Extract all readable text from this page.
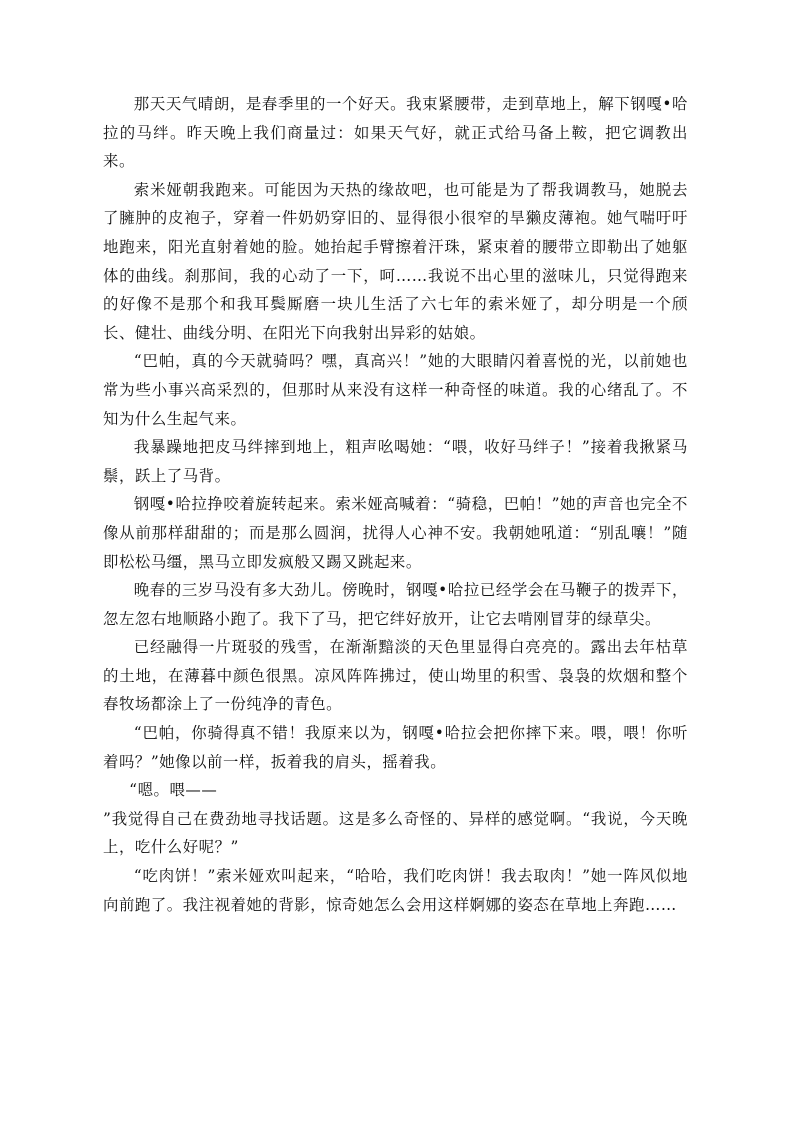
那天天气晴朗，是春季里的一个好天。我束紧腰带，走到草地上，解下钢嘎•哈拉的马绊。昨天晚上我们商量过：如果天气好，就正式给马备上鞍，把它调教出来。

索米娅朝我跑来。可能因为天热的缘故吧，也可能是为了帮我调教马，她脱去了臃肿的皮袍子，穿着一件奶奶穿旧的、显得很小很窄的旱獭皮薄袍。她气喘吁吁地跑来，阳光直射着她的脸。她抬起手臂擦着汗珠，紧束着的腰带立即勒出了她躯体的曲线。刹那间，我的心动了一下，呵……我说不出心里的滋味儿，只觉得跑来的好像不是那个和我耳鬓厮磨一块儿生活了六七年的索米娅了，却分明是一个颀长、健壮、曲线分明、在阳光下向我射出异彩的姑娘。

“巴帕，真的今天就骑吗？嘿，真高兴！”她的大眼睛闪着喜悦的光，以前她也常为些小事兴高采烈的，但那时从来没有这样一种奇怪的味道。我的心绪乱了。不知为什么生起气来。

我暴躁地把皮马绊摔到地上，粗声吆喝她：“喂，收好马绊子！”接着我揪紧马鬃，跃上了马背。

钢嘎•哈拉挣咬着旋转起来。索米娅高喊着：“骑稳，巴帕！”她的声音也完全不像从前那样甜甜的；而是那么圆润，扰得人心神不安。我朝她吼道：“别乱嚷！”随即松松马缰，黑马立即发疯般又踢又跳起来。

晚春的三岁马没有多大劲儿。傍晚时，钢嘎•哈拉已经学会在马鞭子的拨弄下，忽左忽右地顺路小跑了。我下了马，把它绊好放开，让它去啃刚冒芽的绿草尖。

已经融得一片斑驳的残雪，在渐渐黯淡的天色里显得白亮亮的。露出去年枯草的土地，在薄暮中颜色很黑。凉风阵阵拂过，使山坳里的积雪、袅袅的炊烟和整个春牧场都涂上了一份纯净的青色。

“巴帕，你骑得真不错！我原来以为，钢嘎•哈拉会把你摔下来。喂，喂！你听着吗？”她像以前一样，扳着我的肩头，摇着我。

“嗯。喂——

”我觉得自己在费劲地寻找话题。这是多么奇怪的、异样的感觉啊。“我说，今天晚上，吃什么好呢？”

“吃肉饼！”索米娅欢叫起来，“哈哈，我们吃肉饼！我去取肉！”她一阵风似地向前跑了。我注视着她的背影，惊奇她怎么会用这样婀娜的姿态在草地上奔跑……
